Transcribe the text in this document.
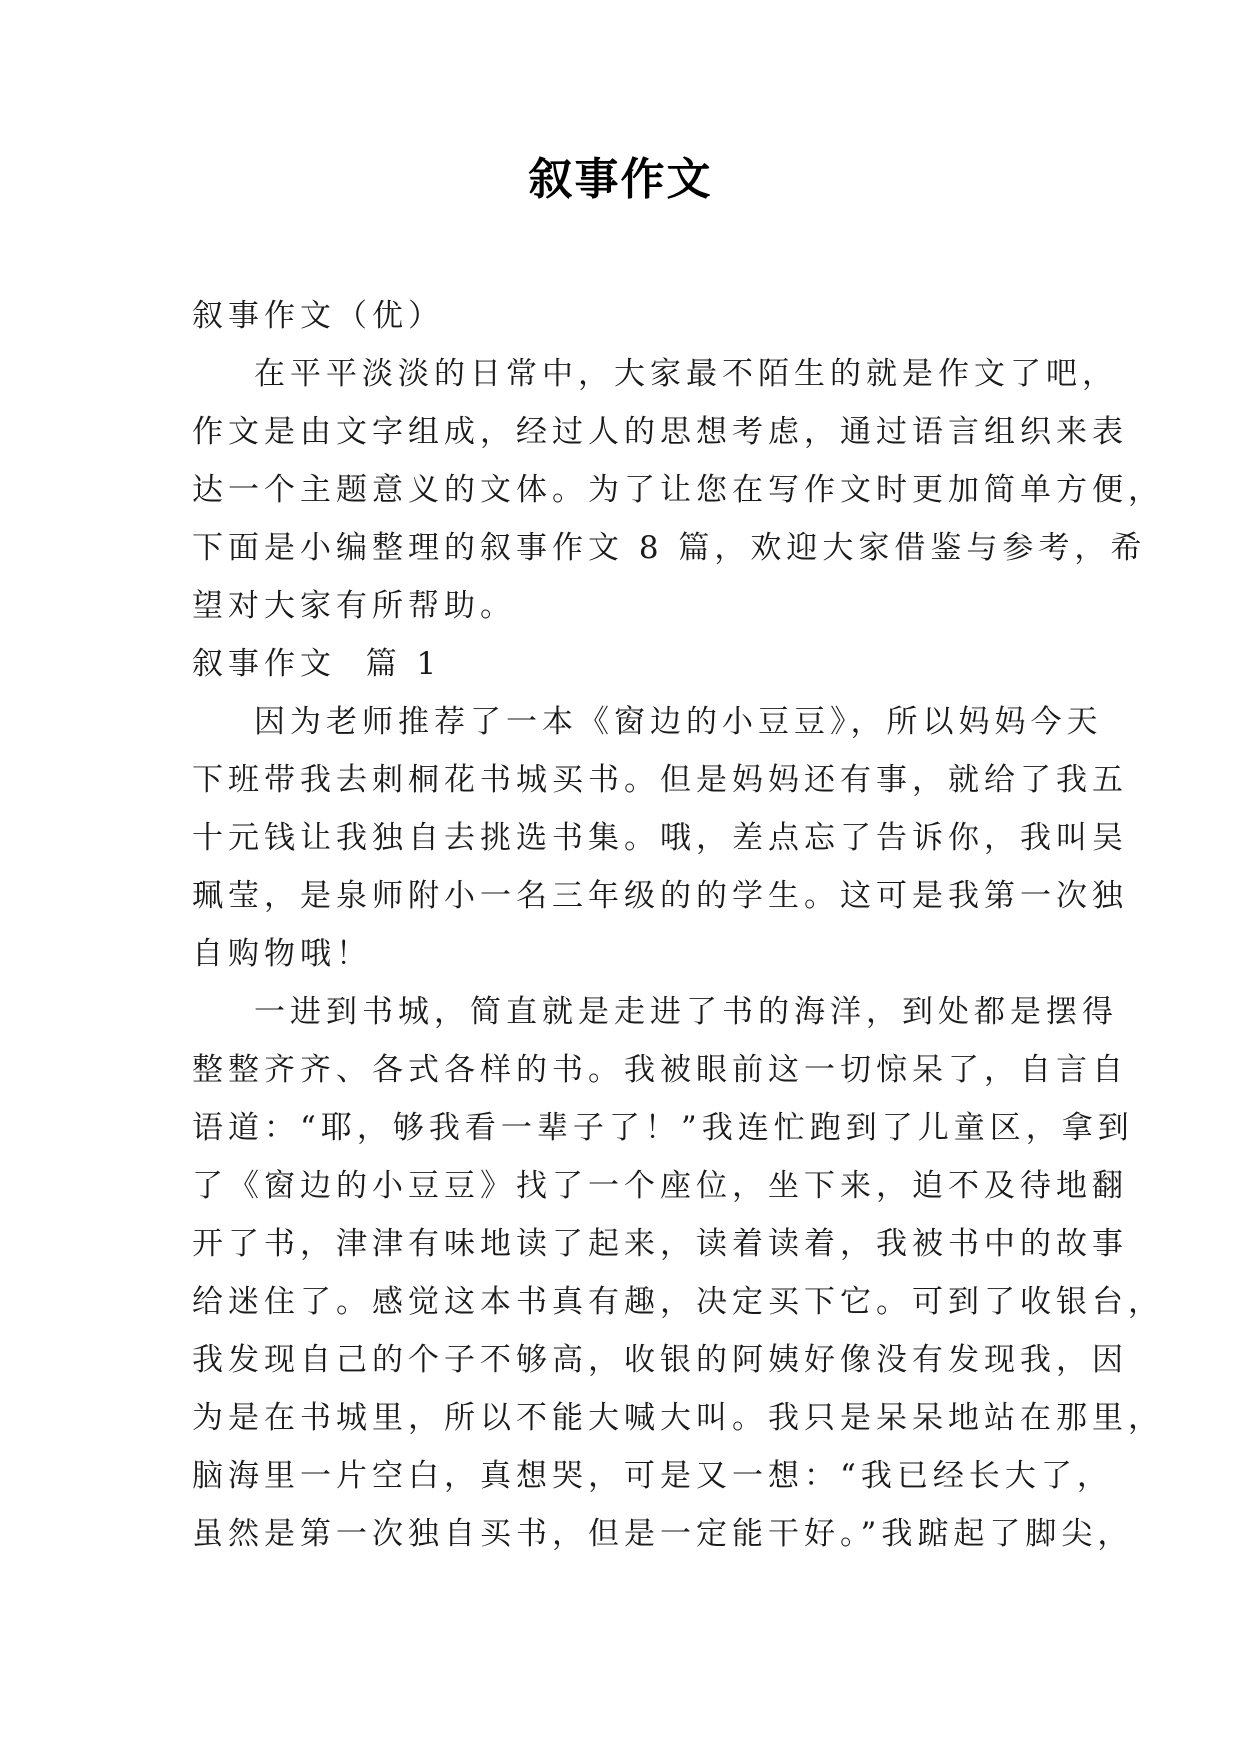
叙事作文
叙事作文（优）
在平平淡淡的日常中，大家最不陌生的就是作文了吧，
作文是由文字组成，经过人的思想考虑，通过语言组织来表
达一个主题意义的文体。为了让您在写作文时更加简单方便，
下面是小编整理的叙事作文 8 篇，欢迎大家借鉴与参考，希
望对大家有所帮助。
叙事作文  篇 1
因为老师推荐了一本《窗边的小豆豆》，所以妈妈今天
下班带我去刺桐花书城买书。但是妈妈还有事，就给了我五
十元钱让我独自去挑选书集。哦，差点忘了告诉你，我叫吴
珮莹，是泉师附小一名三年级的的学生。这可是我第一次独
自购物哦！
一进到书城，简直就是走进了书的海洋，到处都是摆得
整整齐齐、各式各样的书。我被眼前这一切惊呆了，自言自
语道：“耶，够我看一辈子了！”我连忙跑到了儿童区，拿到
了《窗边的小豆豆》找了一个座位，坐下来，迫不及待地翻
开了书，津津有味地读了起来，读着读着，我被书中的故事
给迷住了。感觉这本书真有趣，决定买下它。可到了收银台，
我发现自己的个子不够高，收银的阿姨好像没有发现我，因
为是在书城里，所以不能大喊大叫。我只是呆呆地站在那里，
脑海里一片空白，真想哭，可是又一想：“我已经长大了，
虽然是第一次独自买书，但是一定能干好。”我踮起了脚尖，
